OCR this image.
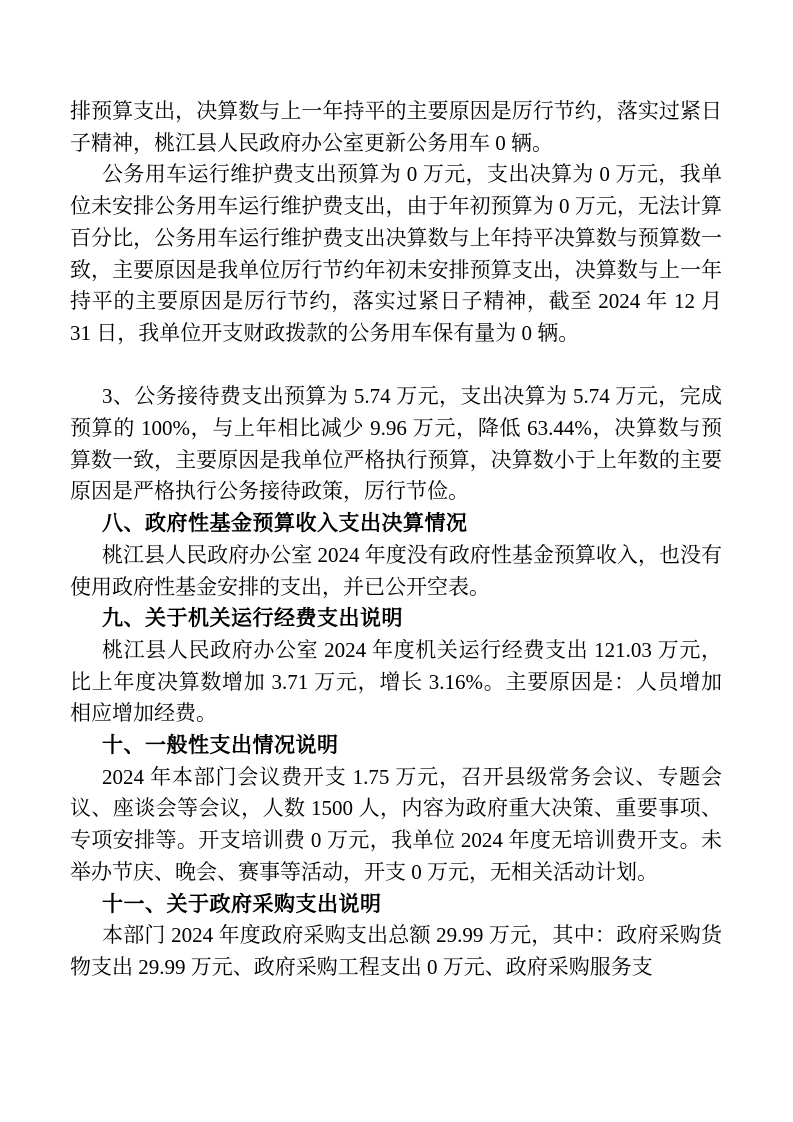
排预算支出，决算数与上一年持平的主要原因是厉行节约，落实过紧日子精神，桃江县人民政府办公室更新公务用车 0 辆。

公务用车运行维护费支出预算为 0 万元，支出决算为 0 万元，我单位未安排公务用车运行维护费支出，由于年初预算为 0 万元，无法计算百分比，公务用车运行维护费支出决算数与上年持平决算数与预算数一致，主要原因是我单位厉行节约年初未安排预算支出，决算数与上一年持平的主要原因是厉行节约，落实过紧日子精神，截至 2024 年 12 月 31 日，我单位开支财政拨款的公务用车保有量为 0 辆。

3、公务接待费支出预算为 5.74 万元，支出决算为 5.74 万元，完成预算的 100%，与上年相比减少 9.96 万元，降低 63.44%，决算数与预算数一致，主要原因是我单位严格执行预算，决算数小于上年数的主要原因是严格执行公务接待政策，厉行节俭。

八、政府性基金预算收入支出决算情况

桃江县人民政府办公室 2024 年度没有政府性基金预算收入，也没有使用政府性基金安排的支出，并已公开空表。

九、关于机关运行经费支出说明

桃江县人民政府办公室 2024 年度机关运行经费支出 121.03 万元，比上年度决算数增加 3.71 万元，增长 3.16%。主要原因是：人员增加相应增加经费。

十、一般性支出情况说明

2024 年本部门会议费开支 1.75 万元，召开县级常务会议、专题会议、座谈会等会议，人数 1500 人，内容为政府重大决策、重要事项、专项安排等。开支培训费 0 万元，我单位 2024 年度无培训费开支。未举办节庆、晚会、赛事等活动，开支 0 万元，无相关活动计划。

十一、关于政府采购支出说明

本部门 2024 年度政府采购支出总额 29.99 万元，其中：政府采购货物支出 29.99 万元、政府采购工程支出 0 万元、政府采购服务支
